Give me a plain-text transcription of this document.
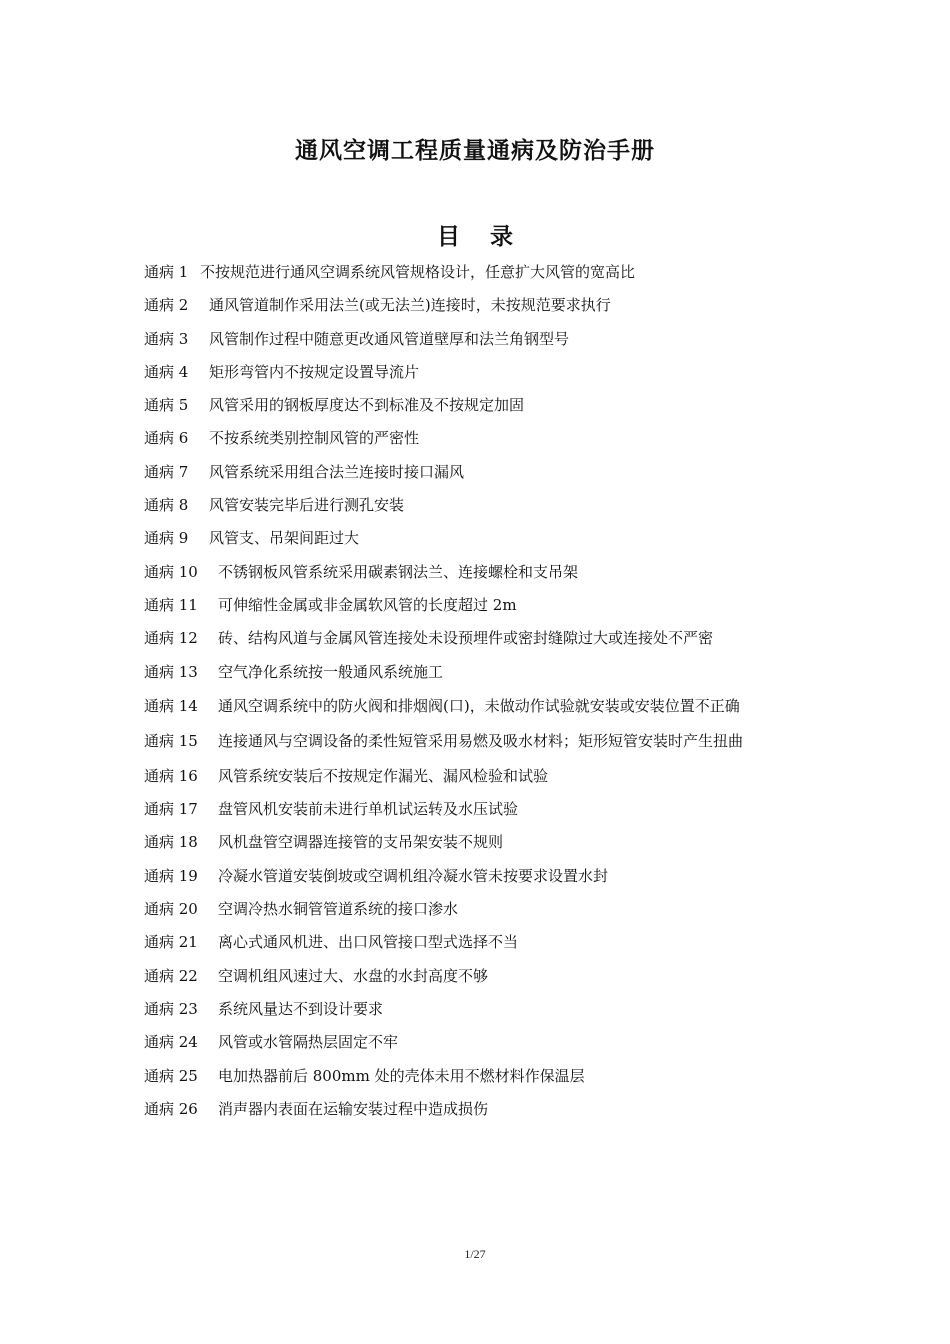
通风空调工程质量通病及防治手册
目 录
通病 1 不按规范进行通风空调系统风管规格设计，任意扩大风管的宽高比
通病 2	通风管道制作采用法兰(或无法兰)连接时，未按规范要求执行
通病 3	风管制作过程中随意更改通风管道壁厚和法兰角钢型号
通病 4	矩形弯管内不按规定设置导流片
通病 5	风管采用的钢板厚度达不到标准及不按规定加固
通病 6	不按系统类别控制风管的严密性
通病 7	风管系统采用组合法兰连接时接口漏风
通病 8	风管安装完毕后进行测孔安装
通病 9	风管支、吊架间距过大
通病 10	不锈钢板风管系统采用碳素钢法兰、连接螺栓和支吊架
通病 11	可伸缩性金属或非金属软风管的长度超过 2m
通病 12	砖、结构风道与金属风管连接处未设预埋件或密封缝隙过大或连接处不严密
通病 13	空气净化系统按一般通风系统施工
通病 14	通风空调系统中的防火阀和排烟阀(口)，未做动作试验就安装或安装位置不正确
通病 15	连接通风与空调设备的柔性短管采用易燃及吸水材料；矩形短管安装时产生扭曲
通病 16	风管系统安装后不按规定作漏光、漏风检验和试验
通病 17	盘管风机安装前未进行单机试运转及水压试验
通病 18	风机盘管空调器连接管的支吊架安装不规则
通病 19	冷凝水管道安装倒坡或空调机组冷凝水管未按要求设置水封
通病 20	空调冷热水铜管管道系统的接口渗水
通病 21	离心式通风机进、出口风管接口型式选择不当
通病 22	空调机组风速过大、水盘的水封高度不够
通病 23	系统风量达不到设计要求
通病 24	风管或水管隔热层固定不牢
通病 25	电加热器前后 800mm 处的壳体未用不燃材料作保温层
通病 26	消声器内表面在运输安装过程中造成损伤
1/27
